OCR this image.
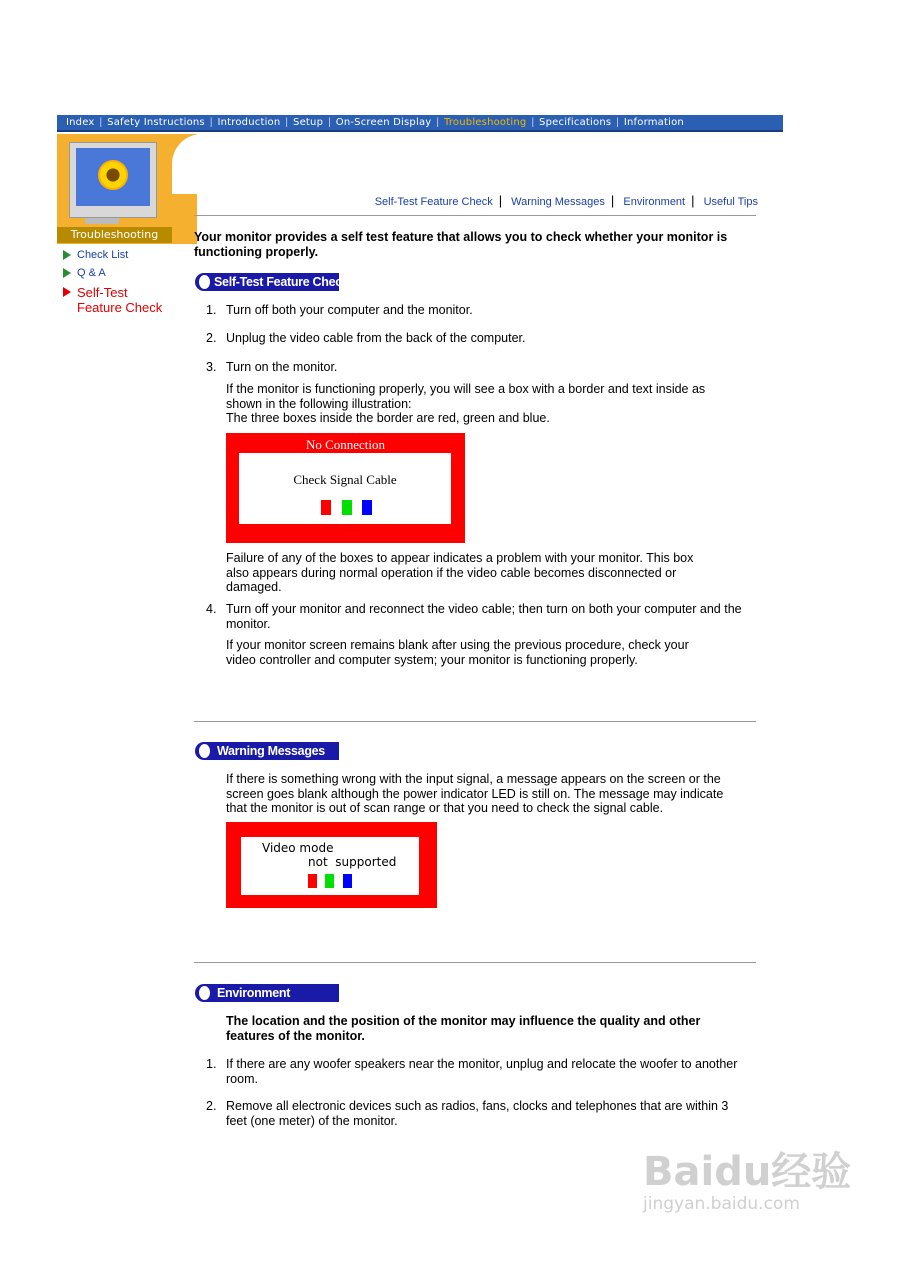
Index | Safety Instructions | Introduction | Setup | On-Screen Display | Troubleshooting | Specifications | Information
Troubleshooting
Check List
Q & A
Self-Test
Feature Check
Self-Test Feature Check | Warning Messages | Environment | Useful Tips
Your monitor provides a self test feature that allows you to check whether your monitor is functioning properly.
Self-Test Feature Check
1. Turn off both your computer and the monitor.
2. Unplug the video cable from the back of the computer.
3. Turn on the monitor.
If the monitor is functioning properly, you will see a box with a border and text inside as shown in the following illustration:
The three boxes inside the border are red, green and blue.
No Connection
Check Signal Cable
Failure of any of the boxes to appear indicates a problem with your monitor. This box also appears during normal operation if the video cable becomes disconnected or damaged.
4. Turn off your monitor and reconnect the video cable; then turn on both your computer and the monitor.
If your monitor screen remains blank after using the previous procedure, check your video controller and computer system; your monitor is functioning properly.
Warning Messages
If there is something wrong with the input signal, a message appears on the screen or the screen goes blank although the power indicator LED is still on. The message may indicate that the monitor is out of scan range or that you need to check the signal cable.
Video mode
not  supported
Environment
The location and the position of the monitor may influence the quality and other features of the monitor.
1. If there are any woofer speakers near the monitor, unplug and relocate the woofer to another room.
2. Remove all electronic devices such as radios, fans, clocks and telephones that are within 3 feet (one meter) of the monitor.
Baidu经验
jingyan.baidu.com
